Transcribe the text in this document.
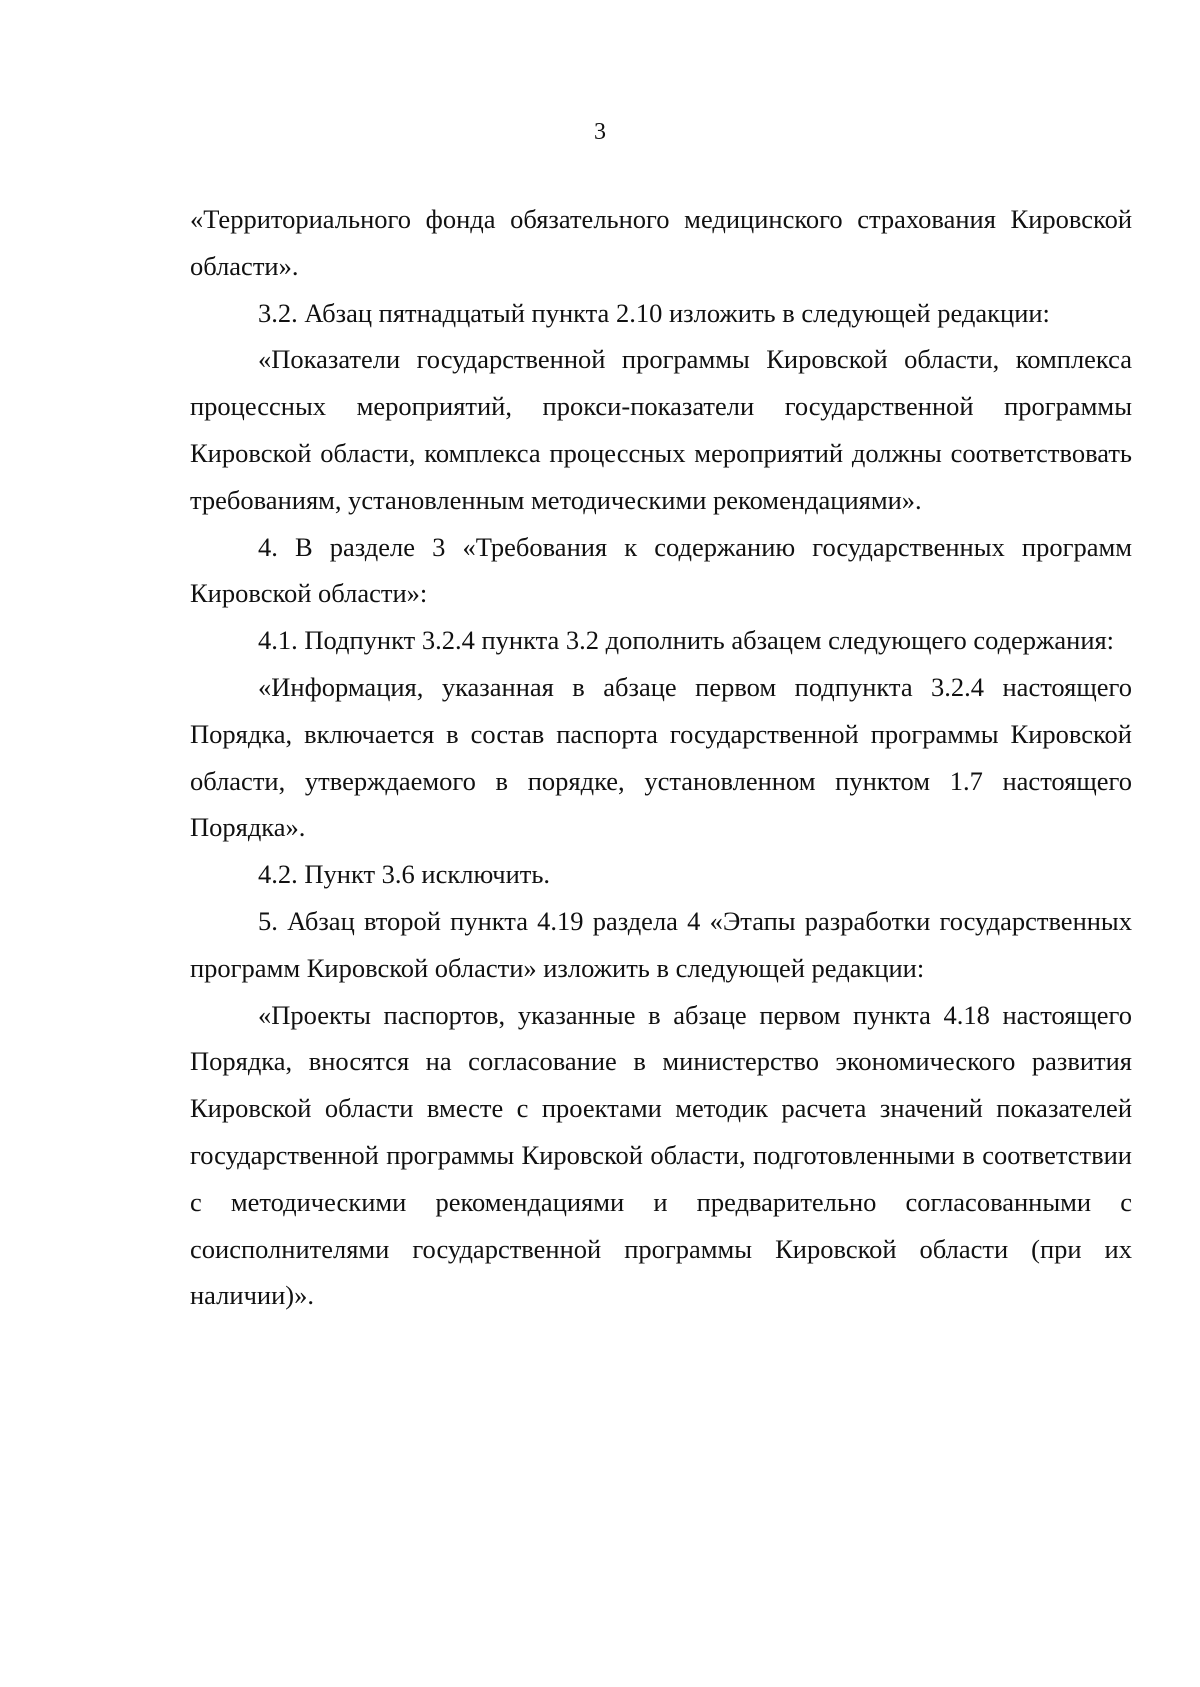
3

«Территориального фонда обязательного медицинского страхования Кировской области».

3.2. Абзац пятнадцатый пункта 2.10 изложить в следующей редакции:

«Показатели государственной программы Кировской области, комплекса процессных мероприятий, прокси-показатели государственной программы Кировской области, комплекса процессных мероприятий должны соответствовать требованиям, установленным методическими рекомендациями».

4. В разделе 3 «Требования к содержанию государственных программ Кировской области»:

4.1. Подпункт 3.2.4 пункта 3.2 дополнить абзацем следующего содержания:

«Информация, указанная в абзаце первом подпункта 3.2.4 настоящего Порядка, включается в состав паспорта государственной программы Кировской области, утверждаемого в порядке, установленном пунктом 1.7 настоящего Порядка».

4.2. Пункт 3.6 исключить.

5. Абзац второй пункта 4.19 раздела 4 «Этапы разработки государственных программ Кировской области» изложить в следующей редакции:

«Проекты паспортов, указанные в абзаце первом пункта 4.18 настоящего Порядка, вносятся на согласование в министерство экономического развития Кировской области вместе с проектами методик расчета значений показателей государственной программы Кировской области, подготовленными в соответствии с методическими рекомендациями и предварительно согласованными с соисполнителями государственной программы Кировской области (при их наличии)».
